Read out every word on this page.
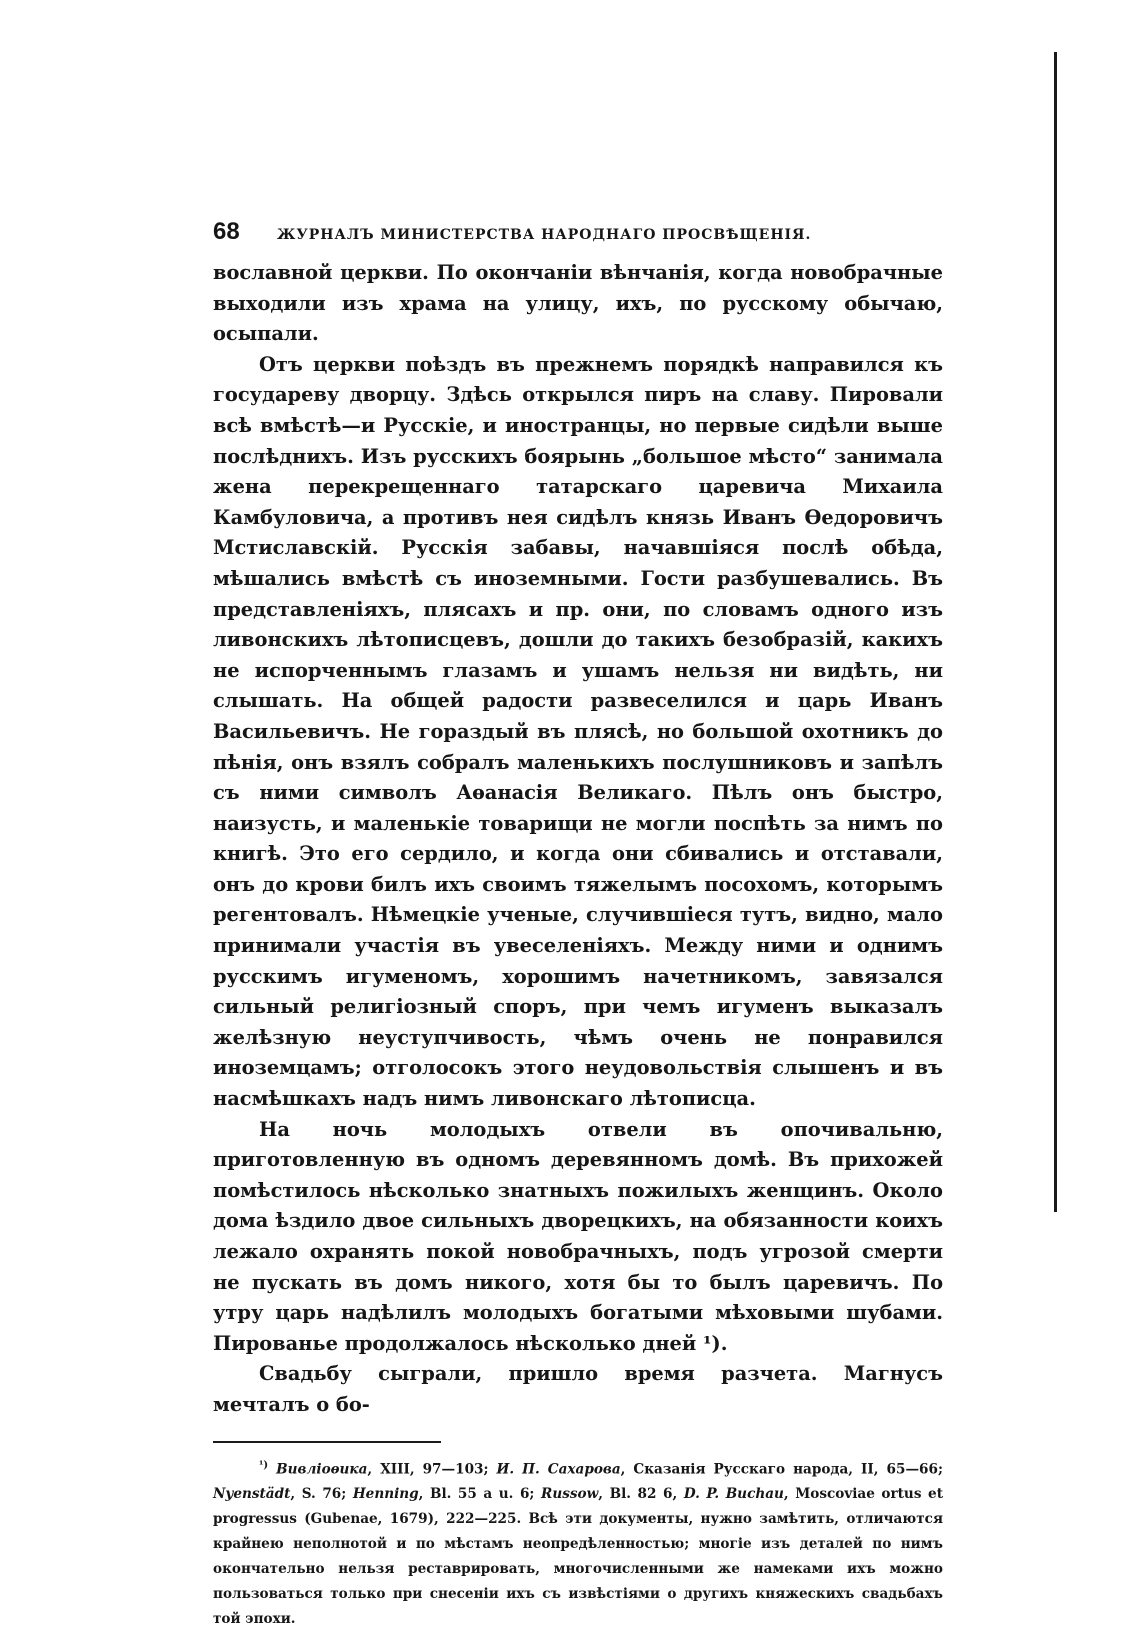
68	ЖУРНАЛЪ МИНИСТЕРСТВА НАРОДНАГО ПРОСВѢЩЕНІЯ.

вославной церкви. По окончаніи вѣнчанія, когда новобрачные выходили изъ храма на улицу, ихъ, по русскому обычаю, осыпали.

Отъ церкви поѣздъ въ прежнемъ порядкѣ направился къ государеву дворцу. Здѣсь открылся пиръ на славу. Пировали всѣ вмѣстѣ—и Русскіе, и иностранцы, но первые сидѣли выше послѣднихъ. Изъ русскихъ боярынь „большое мѣсто“ занимала жена перекрещеннаго татарскаго царевича Михаила Камбуловича, а противъ нея сидѣлъ князь Иванъ Ѳедоровичъ Мстиславскій. Русскія забавы, начавшіяся послѣ обѣда, мѣшались вмѣстѣ съ иноземными. Гости разбушевались. Въ представленіяхъ, плясахъ и пр. они, по словамъ одного изъ ливонскихъ лѣтописцевъ, дошли до такихъ безобразій, какихъ не испорченнымъ глазамъ и ушамъ нельзя ни видѣть, ни слышать. На общей радости развеселился и царь Иванъ Васильевичъ. Не гораздый въ плясѣ, но большой охотникъ до пѣнія, онъ взялъ собралъ маленькихъ послушниковъ и запѣлъ съ ними символъ Аѳанасія Великаго. Пѣлъ онъ быстро, наизусть, и маленькіе товарищи не могли поспѣть за нимъ по книгѣ. Это его сердило, и когда они сбивались и отставали, онъ до крови билъ ихъ своимъ тяжелымъ посохомъ, которымъ регентовалъ. Нѣмецкіе ученые, случившіеся тутъ, видно, мало принимали участія въ увеселеніяхъ. Между ними и однимъ русскимъ игуменомъ, хорошимъ начетникомъ, завязался сильный религіозный споръ, при чемъ игуменъ выказалъ желѣзную неуступчивость, чѣмъ очень не понравился иноземцамъ; отголосокъ этого неудовольствія слышенъ и въ насмѣшкахъ надъ нимъ ливонскаго лѣтописца.

На ночь молодыхъ отвели въ опочивальню, приготовленную въ одномъ деревянномъ домѣ. Въ прихожей помѣстилось нѣсколько знатныхъ пожилыхъ женщинъ. Около дома ѣздило двое сильныхъ дворецкихъ, на обязанности коихъ лежало охранять покой новобрачныхъ, подъ угрозой смерти не пускать въ домъ никого, хотя бы то былъ царевичъ. По утру царь надѣлилъ молодыхъ богатыми мѣховыми шубами. Пированье продолжалось нѣсколько дней ¹).

Свадьбу сыграли, пришло время разчета. Магнусъ мечталъ о бо-

$^{^1)}$ Вивліоѳика, XIII, 97—103; И. П. Сахарова, Сказанія Русскаго народа, II, 65—66; Nyenstädt, S. 76; Henning, Bl. 55 a u. 6; Russow, Bl. 82 6, D. P. Buchau, Moscoviae ortus et progressus (Gubenae, 1679), 222—225. Всѣ эти документы, нужно замѣтить, отличаются крайнею неполнотой и по мѣстамъ неопредѣленностью; многіе изъ деталей по нимъ окончательно нельзя реставрировать, многочисленными же намеками ихъ можно пользоваться только при снесеніи ихъ съ извѣстіями о другихъ княжескихъ свадьбахъ той эпохи.
